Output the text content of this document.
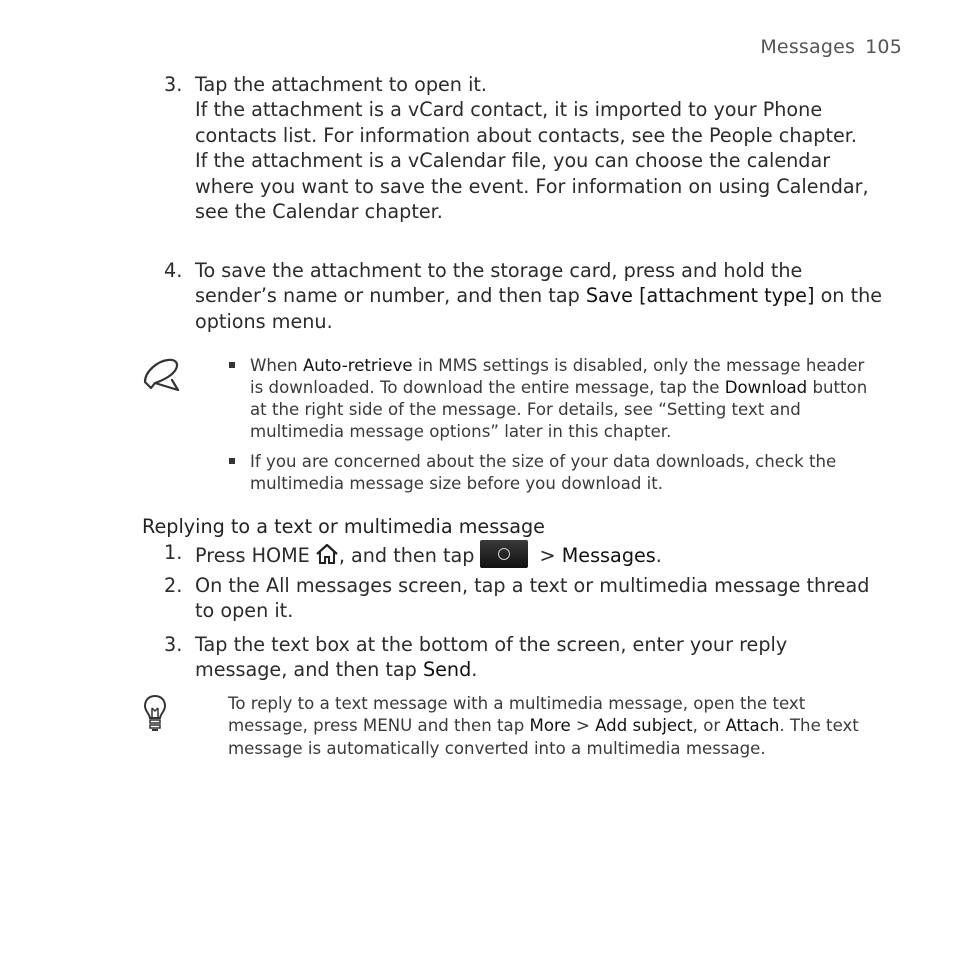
Messages 105
3. Tap the attachment to open it.
If the attachment is a vCard contact, it is imported to your Phone contacts list. For information about contacts, see the People chapter.
If the attachment is a vCalendar file, you can choose the calendar where you want to save the event. For information on using Calendar, see the Calendar chapter.
4. To save the attachment to the storage card, press and hold the sender’s name or number, and then tap Save [attachment type] on the options menu.
When Auto-retrieve in MMS settings is disabled, only the message header is downloaded. To download the entire message, tap the Download button at the right side of the message. For details, see “Setting text and multimedia message options” later in this chapter.
If you are concerned about the size of your data downloads, check the multimedia message size before you download it.
Replying to a text or multimedia message
1. Press HOME , and then tap	> Messages.
2. On the All messages screen, tap a text or multimedia message thread to open it.
3. Tap the text box at the bottom of the screen, enter your reply message, and then tap Send.
To reply to a text message with a multimedia message, open the text message, press MENU and then tap More > Add subject, or Attach. The text message is automatically converted into a multimedia message.
